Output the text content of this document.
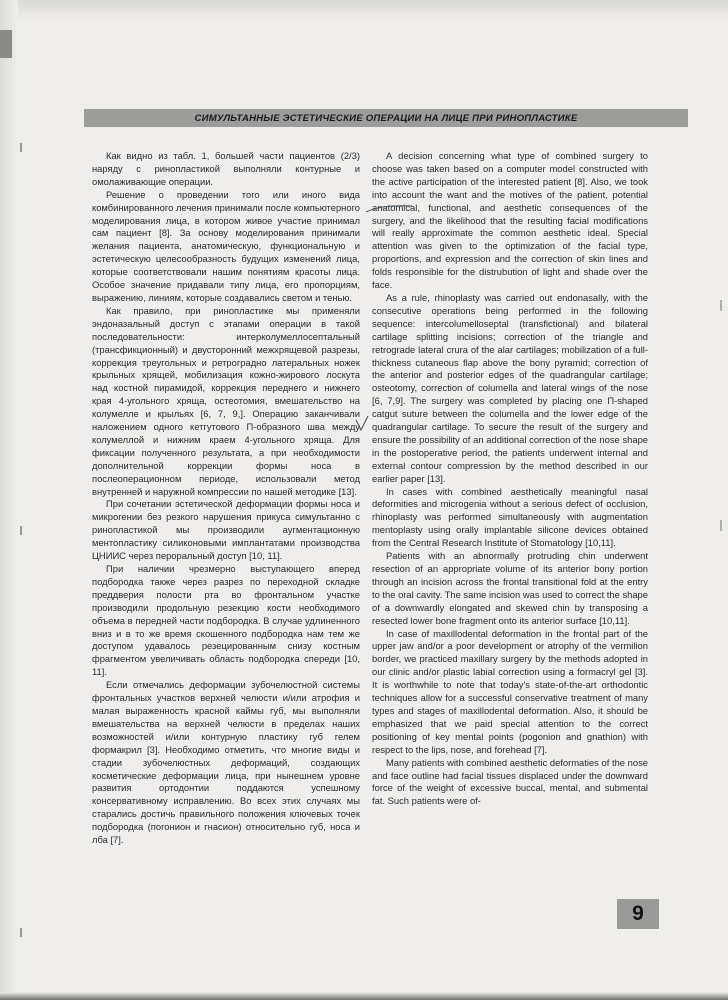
СИМУЛЬТАННЫЕ ЭСТЕТИЧЕСКИЕ ОПЕРАЦИИ НА ЛИЦЕ ПРИ РИНОПЛАСТИКЕ

Как видно из табл. 1, большей части пациентов (2/3) наряду с ринопластикой выполняли контурные и омолаживающие операции.

Решение о проведении того или иного вида комбинированного лечения принимали после компьютерного моделирования лица, в котором живое участие принимал сам пациент [8]. За основу моделирования принимали желания пациента, анатомическую, функциональную и эстетическую целесообразность будущих изменений лица, которые соответствовали нашим понятиям красоты лица. Особое значение придавали типу лица, его пропорциям, выражению, линиям, которые создавались светом и тенью.

Как правило, при ринопластике мы применяли эндоназальный доступ с этапами операции в такой последовательности: интерколумеллосептальный (трансфикционный) и двусторонний межхрящевой разрезы, коррекция треугольных и ретроградно латеральных ножек крыльных хрящей, мобилизация кожно-жирового лоскута над костной пирамидой, коррекция переднего и нижнего края 4-угольного хряща, остеотомия, вмешательство на колумелле и крыльях [6, 7, 9,]. Операцию заканчивали наложением одного кетгутового П-образного шва между колумеллой и нижним краем 4-угольного хряща. Для фиксации полученного результата, а при необходимости дополнительной коррекции формы носа в послеоперационном периоде, использовали метод внутренней и наружной компрессии по нашей методике [13].

При сочетании эстетической деформации формы носа и микрогении без резкого нарушения прикуса симультанно с ринопластикой мы производили аугментационную ментопластику силиконовыми имплантатами производства ЦНИИС через пероральный доступ [10, 11].

При наличии чрезмерно выступающего вперед подбородка также через разрез по переходной складке преддверия полости рта во фронтальном участке производили продольную резекцию кости необходимого объема в передней части подбородка. В случае удлиненного вниз и в то же время скошенного подбородка нам тем же доступом удавалось резецированным снизу костным фрагментом увеличивать область подбородка спереди [10, 11].

Если отмечались деформации зубочелюстной системы фронтальных участков верхней челюсти и/или атрофия и малая выраженность красной каймы губ, мы выполняли вмешательства на верхней челюсти в пределах наших возможностей и/или контурную пластику губ гелем формакрил [3]. Необходимо отметить, что многие виды и стадии зубочелюстных деформаций, создающих косметические деформации лица, при нынешнем уровне развития ортодонтии поддаются успешному консервативному исправлению. Во всех этих случаях мы старались достичь правильного положения ключевых точек подбородка (погонион и гнасион) относительно губ, носа и лба [7].

A decision concerning what type of combined surgery to choose was taken based on a computer model constructed with the active participation of the interested patient [8]. Also, we took into account the want and the motives of the patient, potential anatomical, functional, and aesthetic consequences of the surgery, and the likelihood that the resulting facial modifications will really approximate the common aesthetic ideal. Special attention was given to the optimization of the facial type, proportions, and expression and the correction of skin lines and folds responsible for the distrubution of light and shade over the face.

As a rule, rhinoplasty was carried out endonasally, with the consecutive operations being performed in the following sequence: intercolumelloseptal (transfictional) and bilateral cartilage splitting incisions; correction of the triangle and retrograde lateral crura of the alar cartilages; mobilization of a full-thickness cutaneous flap above the bony pyramid; correction of the anterior and posterior edges of the quadrangular cartilage; osteotomy, correction of columella and lateral wings of the nose [6, 7,9]. The surgery was completed by placing one П-shaped catgut suture between the columella and the lower edge of the quadrangular cartilage. To secure the result of the surgery and ensure the possibility of an additional correction of the nose shape in the postoperative period, the patients underwent internal and external contour compression by the method described in our earlier paper [13].

In cases with combined aesthetically meaningful nasal deformities and microgenia without a serious defect of occlusion, rhinoplasty was performed simultaneously with augmentation mentoplasty using orally implantable silicone devices obtained from the Central Research Institute of Stomatology [10,11].

Patients with an abnormally protruding chin underwent resection of an appropriate volume of its anterior bony portion through an incision across the frontal transitional fold at the entry to the oral cavity. The same incision was used to correct the shape of a downwardly elongated and skewed chin by transposing a resected lower bone fragment onto its anterior surface [10,11].

In case of maxillodental deformation in the frontal part of the upper jaw and/or a poor development or atrophy of the vermilion border, we practiced maxillary surgery by the methods adopted in our clinic and/or plastic labial correction using a formacryl gel [3]. It is worthwhile to note that today's state-of-the-art orthodontic techniques allow for a successful conservative treatment of many types and stages of maxillodental deformation. Also, it should be emphasized that we paid special attention to the correct positioning of key mental points (pogonion and gnathion) with respect to the lips, nose, and forehead [7].

Many patients with combined aesthetic deformaties of the nose and face outline had facial tissues displaced under the downward force of the weight of excessive buccal, mental, and submental fat. Such patients were of-

9
